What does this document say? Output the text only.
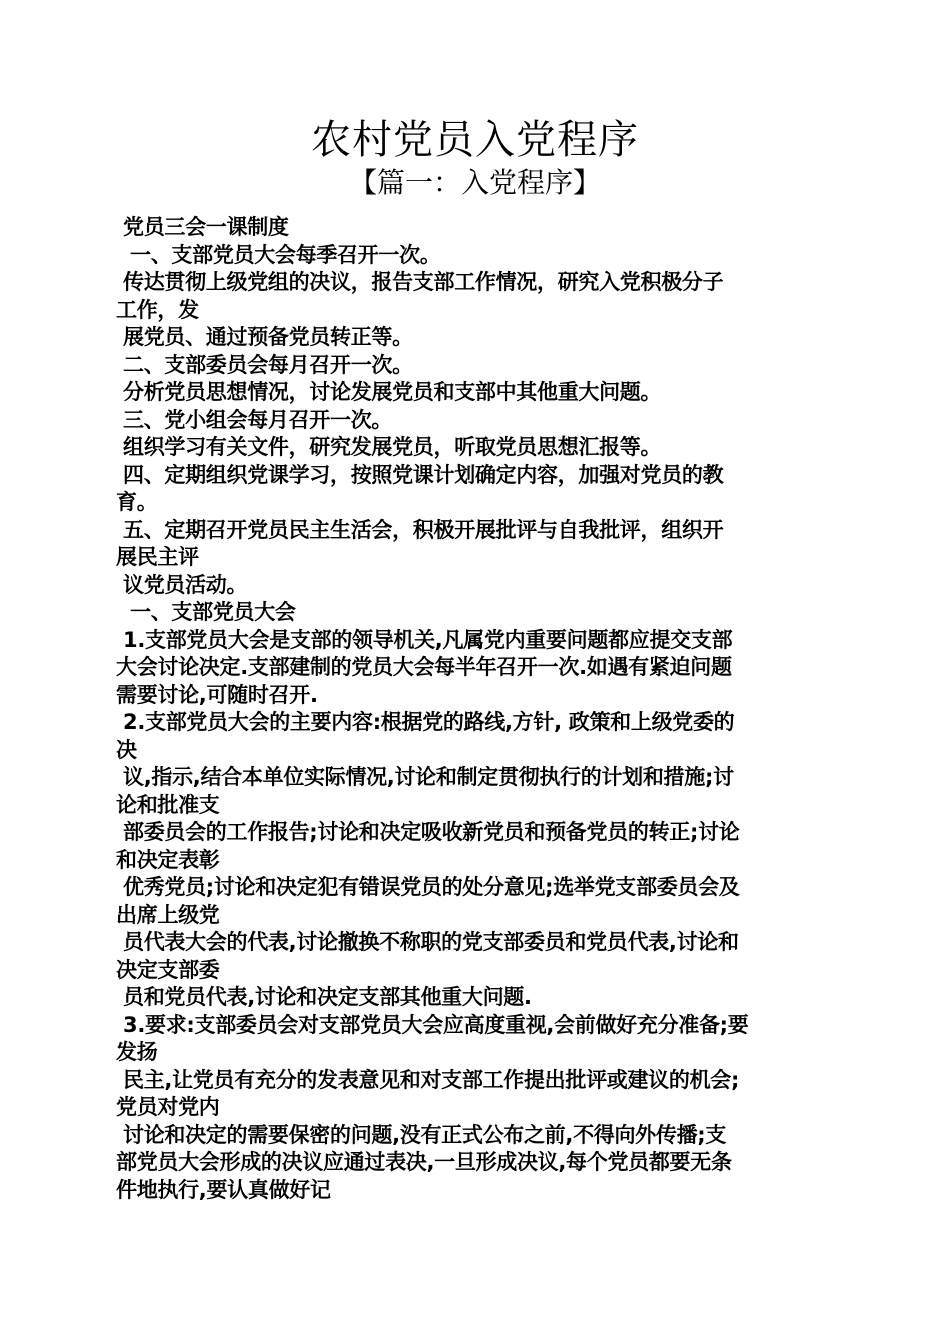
农村党员入党程序
【篇一：入党程序】
党员三会一课制度
一、支部党员大会每季召开一次。
传达贯彻上级党组的决议，报告支部工作情况，研究入党积极分子
工作，发
展党员、通过预备党员转正等。
二、支部委员会每月召开一次。
分析党员思想情况，讨论发展党员和支部中其他重大问题。
三、党小组会每月召开一次。
组织学习有关文件，研究发展党员，听取党员思想汇报等。
四、定期组织党课学习，按照党课计划确定内容，加强对党员的教
育。
五、定期召开党员民主生活会，积极开展批评与自我批评，组织开
展民主评
议党员活动。
一、支部党员大会
1.支部党员大会是支部的领导机关,凡属党内重要问题都应提交支部
大会讨论决定.支部建制的党员大会每半年召开一次.如遇有紧迫问题
需要讨论,可随时召开.
2.支部党员大会的主要内容:根据党的路线,方针, 政策和上级党委的
决
议,指示,结合本单位实际情况,讨论和制定贯彻执行的计划和措施;讨
论和批准支
部委员会的工作报告;讨论和决定吸收新党员和预备党员的转正;讨论
和决定表彰
优秀党员;讨论和决定犯有错误党员的处分意见;选举党支部委员会及
出席上级党
员代表大会的代表,讨论撤换不称职的党支部委员和党员代表,讨论和
决定支部委
员和党员代表,讨论和决定支部其他重大问题.
3.要求:支部委员会对支部党员大会应高度重视,会前做好充分准备;要
发扬
民主,让党员有充分的发表意见和对支部工作提出批评或建议的机会;
党员对党内
讨论和决定的需要保密的问题,没有正式公布之前,不得向外传播;支
部党员大会形成的决议应通过表决,一旦形成决议,每个党员都要无条
件地执行,要认真做好记
